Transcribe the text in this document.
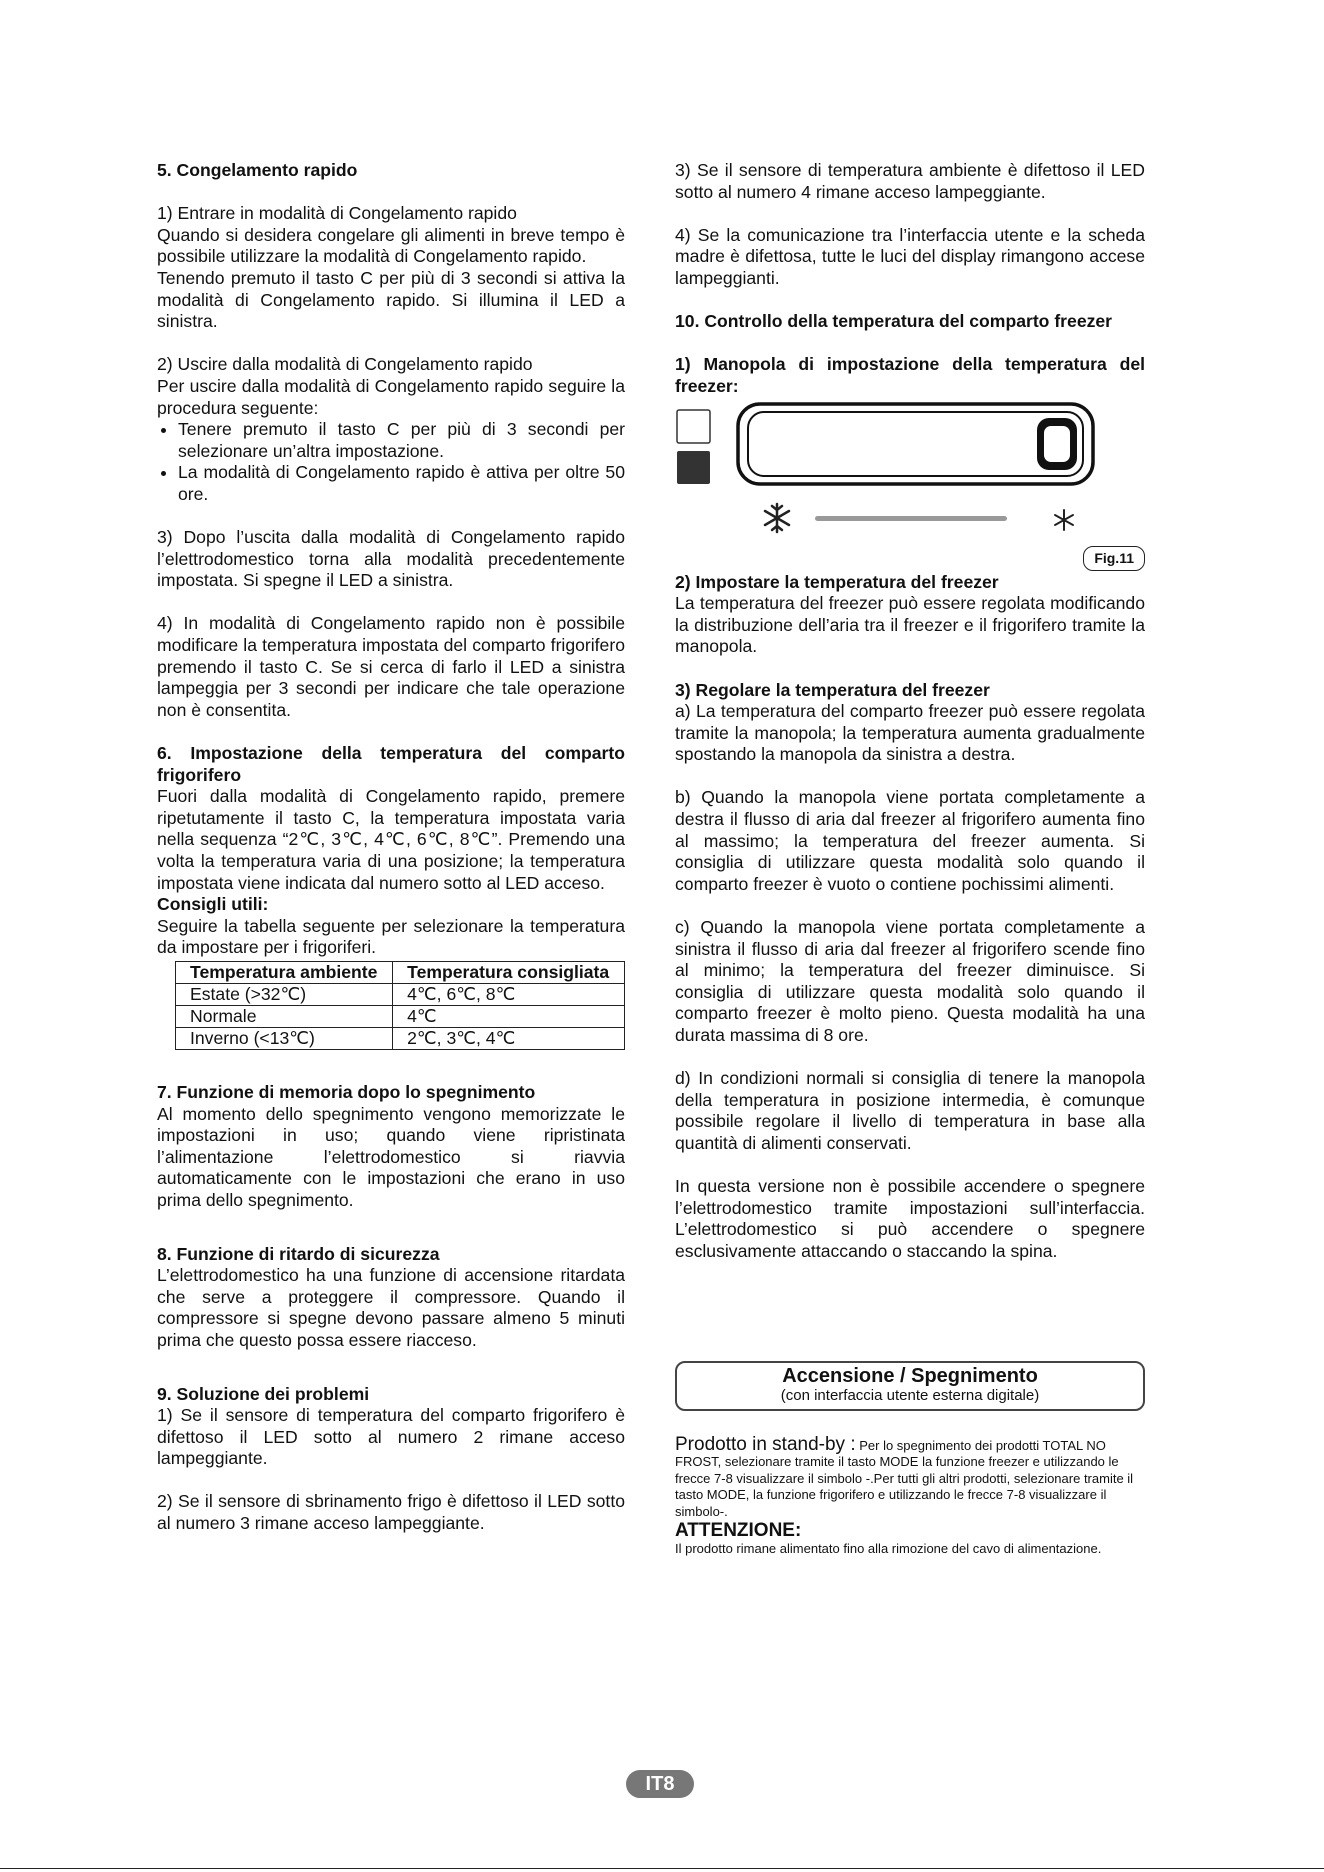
5. Congelamento rapido

1) Entrare in modalità di Congelamento rapido

Quando si desidera congelare gli alimenti in breve tempo è possibile utilizzare la modalità di Congelamento rapido.

Tenendo premuto il tasto C per più di 3 secondi si attiva la modalità di Congelamento rapido. Si illumina il LED a sinistra.

2) Uscire dalla modalità di Congelamento rapido

Per uscire dalla modalità di Congelamento rapido seguire la procedura seguente:

• Tenere premuto il tasto C per più di 3 secondi per selezionare un’altra impostazione.
• La modalità di Congelamento rapido è attiva per oltre 50 ore.

3) Dopo l’uscita dalla modalità di Congelamento rapido l’elettrodomestico torna alla modalità precedentemente impostata. Si spegne il LED a sinistra.

4) In modalità di Congelamento rapido non è possibile modificare la temperatura impostata del comparto frigorifero premendo il tasto C. Se si cerca di farlo il LED a sinistra lampeggia per 3 secondi per indicare che tale operazione non è consentita.

6. Impostazione della temperatura del comparto frigorifero

Fuori dalla modalità di Congelamento rapido, premere ripetutamente il tasto C, la temperatura impostata varia nella sequenza “2℃, 3℃, 4℃, 6℃, 8℃”. Premendo una volta la temperatura varia di una posizione; la temperatura impostata viene indicata dal numero sotto al LED acceso.

Consigli utili:

Seguire la tabella seguente per selezionare la temperatura da impostare per i frigoriferi.

Temperatura ambiente	Temperatura consigliata
Estate (>32℃)	4℃, 6℃, 8℃
Normale	4℃
Inverno (<13℃)	2℃, 3℃, 4℃

7. Funzione di memoria dopo lo spegnimento

Al momento dello spegnimento vengono memorizzate le impostazioni in uso; quando viene ripristinata l’alimentazione l’elettrodomestico si riavvia automaticamente con le impostazioni che erano in uso prima dello spegnimento.

8. Funzione di ritardo di sicurezza

L’elettrodomestico ha una funzione di accensione ritardata che serve a proteggere il compressore. Quando il compressore si spegne devono passare almeno 5 minuti prima che questo possa essere riacceso.

9. Soluzione dei problemi

1) Se il sensore di temperatura del comparto frigorifero è difettoso il LED sotto al numero 2 rimane acceso lampeggiante.

2) Se il sensore di sbrinamento frigo è difettoso il LED sotto al numero 3 rimane acceso lampeggiante.

3) Se il sensore di temperatura ambiente è difettoso il LED sotto al numero 4 rimane acceso lampeggiante.

4) Se la comunicazione tra l’interfaccia utente e la scheda madre è difettosa, tutte le luci del display rimangono accese lampeggianti.

10. Controllo della temperatura del comparto freezer

1) Manopola di impostazione della temperatura del freezer:

Fig.11

2) Impostare la temperatura del freezer

La temperatura del freezer può essere regolata modificando la distribuzione dell’aria tra il freezer e il frigorifero tramite la manopola.

3) Regolare la temperatura del freezer

a) La temperatura del comparto freezer può essere regolata tramite la manopola; la temperatura aumenta gradualmente spostando la manopola da sinistra a destra.

b) Quando la manopola viene portata completamente a destra il flusso di aria dal freezer al frigorifero aumenta fino al massimo; la temperatura del freezer aumenta. Si consiglia di utilizzare questa modalità solo quando il comparto freezer è vuoto o contiene pochissimi alimenti.

c) Quando la manopola viene portata completamente a sinistra il flusso di aria dal freezer al frigorifero scende fino al minimo; la temperatura del freezer diminuisce. Si consiglia di utilizzare questa modalità solo quando il comparto freezer è molto pieno. Questa modalità ha una durata massima di 8 ore.

d) In condizioni normali si consiglia di tenere la manopola della temperatura in posizione intermedia, è comunque possibile regolare il livello di temperatura in base alla quantità di alimenti conservati.

In questa versione non è possibile accendere o spegnere l’elettrodomestico tramite impostazioni sull’interfaccia. L’elettrodomestico si può accendere o spegnere esclusivamente attaccando o staccando la spina.

Accensione / Spegnimento
(con interfaccia utente esterna digitale)

Prodotto in stand-by : Per lo spegnimento dei prodotti TOTAL NO FROST, selezionare tramite il tasto MODE la funzione freezer e utilizzando le frecce 7-8 visualizzare il simbolo -.Per tutti gli altri prodotti, selezionare tramite il tasto MODE, la funzione frigorifero e utilizzando le frecce 7-8 visualizzare il simbolo-.

ATTENZIONE:

Il prodotto rimane alimentato fino alla rimozione del cavo di alimentazione.

IT8
